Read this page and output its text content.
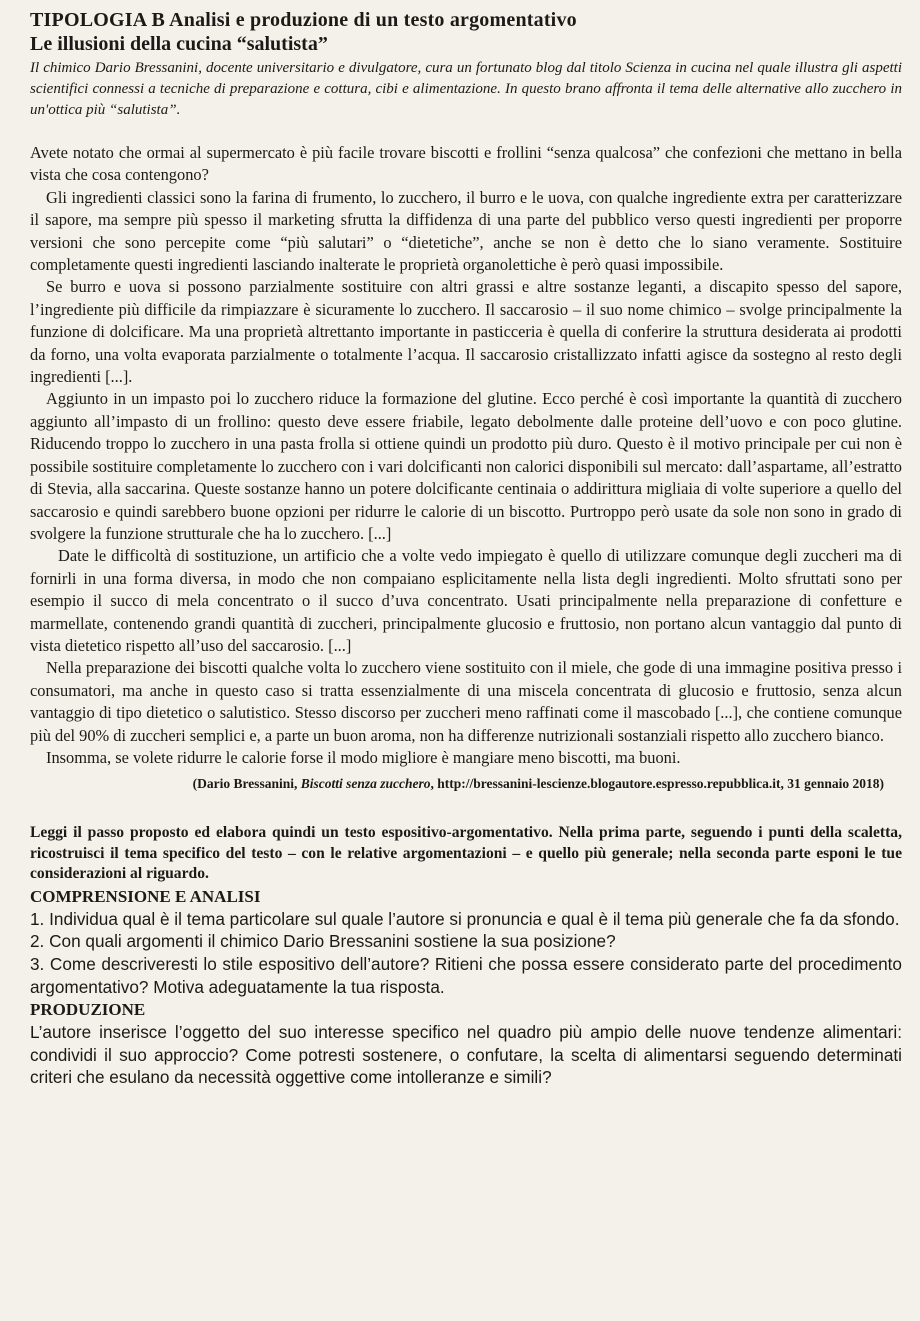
TIPOLOGIA B Analisi e produzione di un testo argomentativo
Le illusioni della cucina “salutista”

Il chimico Dario Bressanini, docente universitario e divulgatore, cura un fortunato blog dal titolo Scienza in cucina nel quale illustra gli aspetti scientifici connessi a tecniche di preparazione e cottura, cibi e alimentazione. In questo brano affronta il tema delle alternative allo zucchero in un'ottica più “salutista”.

Avete notato che ormai al supermercato è più facile trovare biscotti e frollini “senza qualcosa” che confezioni che mettano in bella vista che cosa contengono?

Gli ingredienti classici sono la farina di frumento, lo zucchero, il burro e le uova, con qualche ingrediente extra per caratterizzare il sapore, ma sempre più spesso il marketing sfrutta la diffidenza di una parte del pubblico verso questi ingredienti per proporre versioni che sono percepite come “più salutari” o “dietetiche”, anche se non è detto che lo siano veramente. Sostituire completamente questi ingredienti lasciando inalterate le proprietà organolettiche è però quasi impossibile.

Se burro e uova si possono parzialmente sostituire con altri grassi e altre sostanze leganti, a discapito spesso del sapore, l’ingrediente più difficile da rimpiazzare è sicuramente lo zucchero. Il saccarosio – il suo nome chimico – svolge principalmente la funzione di dolcificare. Ma una proprietà altrettanto importante in pasticceria è quella di conferire la struttura desiderata ai prodotti da forno, una volta evaporata parzialmente o totalmente l’acqua. Il saccarosio cristallizzato infatti agisce da sostegno al resto degli ingredienti [...].

Aggiunto in un impasto poi lo zucchero riduce la formazione del glutine. Ecco perché è così importante la quantità di zucchero aggiunto all’impasto di un frollino: questo deve essere friabile, legato debolmente dalle proteine dell’uovo e con poco glutine. Riducendo troppo lo zucchero in una pasta frolla si ottiene quindi un prodotto più duro. Questo è il motivo principale per cui non è possibile sostituire completamente lo zucchero con i vari dolcificanti non calorici disponibili sul mercato: dall’aspartame, all’estratto di Stevia, alla saccarina. Queste sostanze hanno un potere dolcificante centinaia o addirittura migliaia di volte superiore a quello del saccarosio e quindi sarebbero buone opzioni per ridurre le calorie di un biscotto. Purtroppo però usate da sole non sono in grado di svolgere la funzione strutturale che ha lo zucchero. [...]

Date le difficoltà di sostituzione, un artificio che a volte vedo impiegato è quello di utilizzare comunque degli zuccheri ma di fornirli in una forma diversa, in modo che non compaiano esplicitamente nella lista degli ingredienti. Molto sfruttati sono per esempio il succo di mela concentrato o il succo d’uva concentrato. Usati principalmente nella preparazione di confetture e marmellate, contenendo grandi quantità di zuccheri, principalmente glucosio e fruttosio, non portano alcun vantaggio dal punto di vista dietetico rispetto all’uso del saccarosio. [...]

Nella preparazione dei biscotti qualche volta lo zucchero viene sostituito con il miele, che gode di una immagine positiva presso i consumatori, ma anche in questo caso si tratta essenzialmente di una miscela concentrata di glucosio e fruttosio, senza alcun vantaggio di tipo dietetico o salutistico. Stesso discorso per zuccheri meno raffinati come il mascobado [...], che contiene comunque più del 90% di zuccheri semplici e, a parte un buon aroma, non ha differenze nutrizionali sostanziali rispetto allo zucchero bianco.

Insomma, se volete ridurre le calorie forse il modo migliore è mangiare meno biscotti, ma buoni.

(Dario Bressanini, Biscotti senza zucchero, http://bressanini-lescienze.blogautore.espresso.repubblica.it, 31 gennaio 2018)

Leggi il passo proposto ed elabora quindi un testo espositivo-argomentativo. Nella prima parte, seguendo i punti della scaletta, ricostruisci il tema specifico del testo – con le relative argomentazioni – e quello più generale; nella seconda parte esponi le tue considerazioni al riguardo.

COMPRENSIONE E ANALISI

1. Individua qual è il tema particolare sul quale l’autore si pronuncia e qual è il tema più generale che fa da sfondo.

2. Con quali argomenti il chimico Dario Bressanini sostiene la sua posizione?

3. Come descriveresti lo stile espositivo dell’autore? Ritieni che possa essere considerato parte del procedimento argomentativo? Motiva adeguatamente la tua risposta.

PRODUZIONE

L’autore inserisce l’oggetto del suo interesse specifico nel quadro più ampio delle nuove tendenze alimentari: condividi il suo approccio? Come potresti sostenere, o confutare, la scelta di alimentarsi seguendo determinati criteri che esulano da necessità oggettive come intolleranze e simili?
